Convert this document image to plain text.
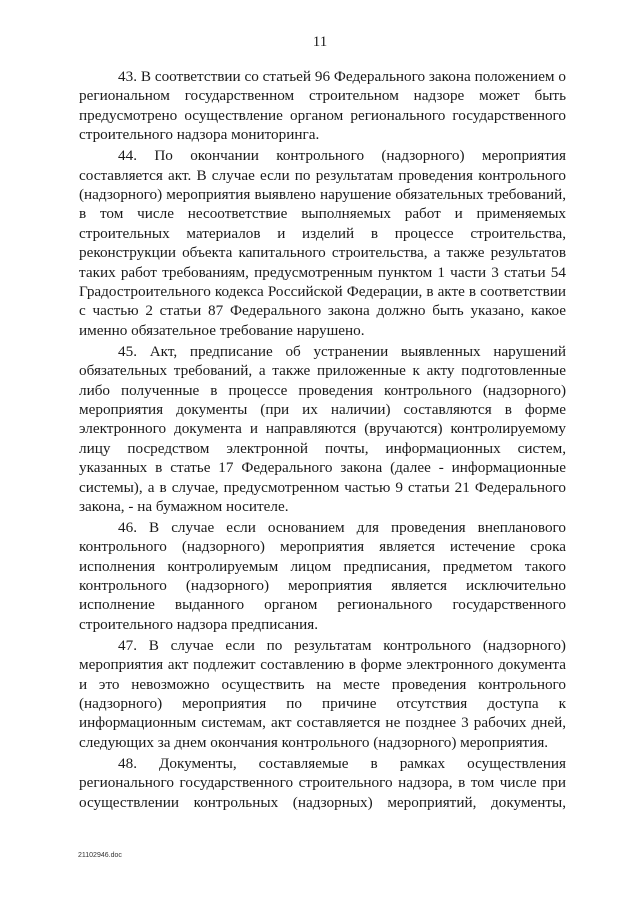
11

43. В соответствии со статьей 96 Федерального закона положением о региональном государственном строительном надзоре может быть предусмотрено осуществление органом регионального государственного строительного надзора мониторинга.

44. По окончании контрольного (надзорного) мероприятия составляется акт. В случае если по результатам проведения контрольного (надзорного) мероприятия выявлено нарушение обязательных требований, в том числе несоответствие выполняемых работ и применяемых строительных материалов и изделий в процессе строительства, реконструкции объекта капитального строительства, а также результатов таких работ требованиям, предусмотренным пунктом 1 части 3 статьи 54 Градостроительного кодекса Российской Федерации, в акте в соответствии с частью 2 статьи 87 Федерального закона должно быть указано, какое именно обязательное требование нарушено.

45. Акт, предписание об устранении выявленных нарушений обязательных требований, а также приложенные к акту подготовленные либо полученные в процессе проведения контрольного (надзорного) мероприятия документы (при их наличии) составляются в форме электронного документа и направляются (вручаются) контролируемому лицу посредством электронной почты, информационных систем, указанных в статье 17 Федерального закона (далее - информационные системы), а в случае, предусмотренном частью 9 статьи 21 Федерального закона, - на бумажном носителе.

46. В случае если основанием для проведения внепланового контрольного (надзорного) мероприятия является истечение срока исполнения контролируемым лицом предписания, предметом такого контрольного (надзорного) мероприятия является исключительно исполнение выданного органом регионального государственного строительного надзора предписания.

47. В случае если по результатам контрольного (надзорного) мероприятия акт подлежит составлению в форме электронного документа и это невозможно осуществить на месте проведения контрольного (надзорного) мероприятия по причине отсутствия доступа к информационным системам, акт составляется не позднее 3 рабочих дней, следующих за днем окончания контрольного (надзорного) мероприятия.

48. Документы, составляемые в рамках осуществления регионального государственного строительного надзора, в том числе при осуществлении контрольных (надзорных) мероприятий, документы,

21102946.doc
